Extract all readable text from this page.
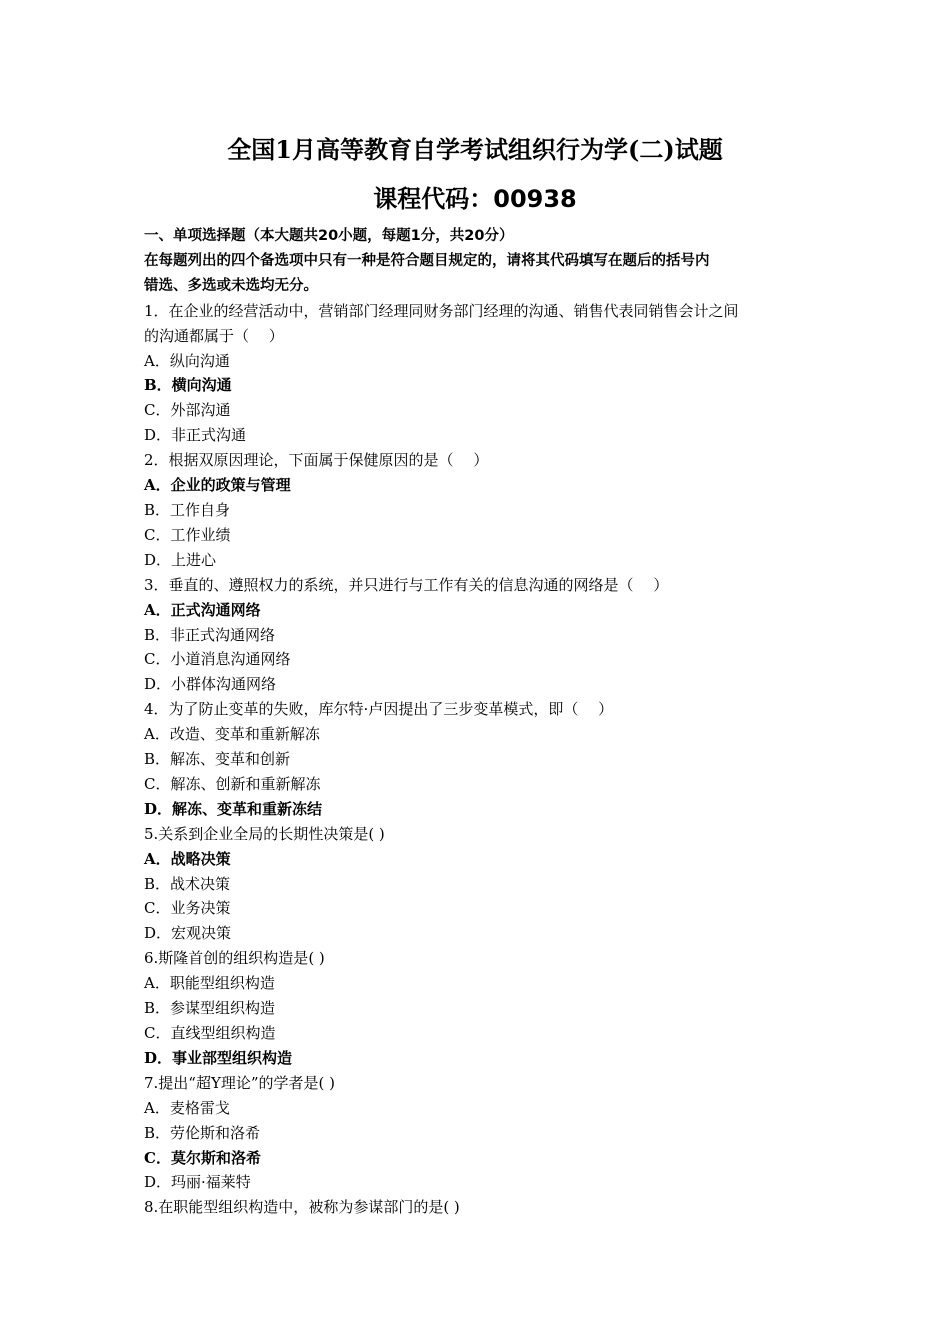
全国1月高等教育自学考试组织行为学(二)试题
课程代码：00938

一、单项选择题（本大题共20小题，每题1分，共20分）

在每题列出的四个备选项中只有一种是符合题目规定的，请将其代码填写在题后的括号内

错选、多选或未选均无分。

1．在企业的经营活动中，营销部门经理同财务部门经理的沟通、销售代表同销售会计之间

的沟通都属于（　 ）

A．纵向沟通

B．横向沟通

C．外部沟通

D．非正式沟通

2．根据双原因理论，下面属于保健原因的是（　 ）

A．企业的政策与管理

B．工作自身

C．工作业绩

D．上进心

3．垂直的、遵照权力的系统，并只进行与工作有关的信息沟通的网络是（　 ）

A．正式沟通网络

B．非正式沟通网络

C．小道消息沟通网络

D．小群体沟通网络

4．为了防止变革的失败，库尔特·卢因提出了三步变革模式，即（　 ）

A．改造、变革和重新解冻

B．解冻、变革和创新

C．解冻、创新和重新解冻

D．解冻、变革和重新冻结

5.关系到企业全局的长期性决策是( )

A．战略决策

B．战术决策

C．业务决策

D．宏观决策

6.斯隆首创的组织构造是( )

A．职能型组织构造

B．参谋型组织构造

C．直线型组织构造

D．事业部型组织构造

7.提出“超Y理论”的学者是( )

A．麦格雷戈

B．劳伦斯和洛希

C．莫尔斯和洛希

D．玛丽·福莱特

8.在职能型组织构造中，被称为参谋部门的是( )
